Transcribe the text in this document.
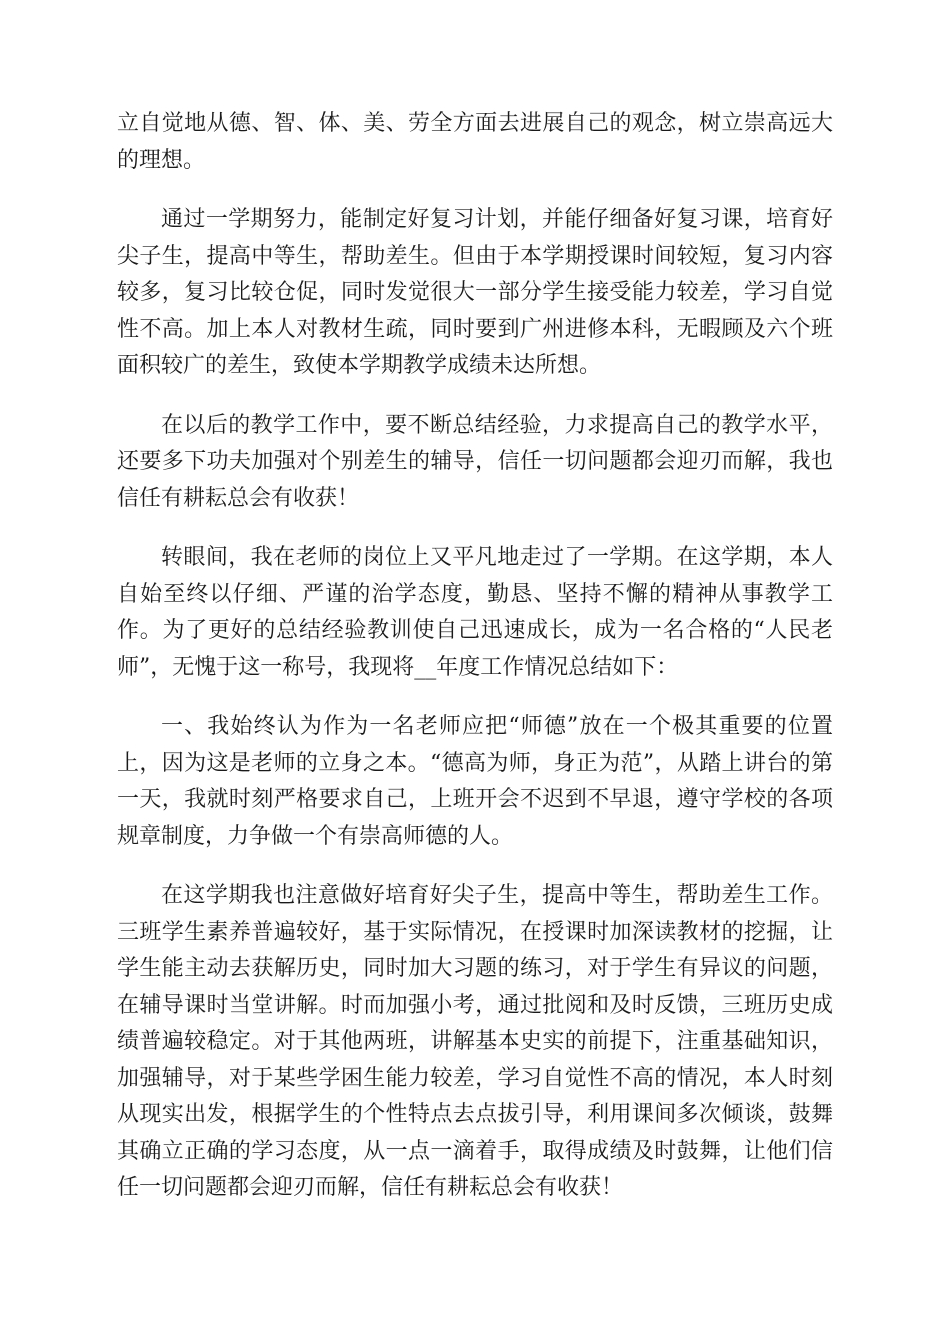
立自觉地从德、智、体、美、劳全方面去进展自己的观念，树立崇高远大的理想。

通过一学期努力，能制定好复习计划，并能仔细备好复习课，培育好尖子生，提高中等生，帮助差生。但由于本学期授课时间较短，复习内容较多，复习比较仓促，同时发觉很大一部分学生接受能力较差，学习自觉性不高。加上本人对教材生疏，同时要到广州进修本科，无暇顾及六个班面积较广的差生，致使本学期教学成绩未达所想。

在以后的教学工作中，要不断总结经验，力求提高自己的教学水平，还要多下功夫加强对个别差生的辅导，信任一切问题都会迎刃而解，我也信任有耕耘总会有收获！

转眼间，我在老师的岗位上又平凡地走过了一学期。在这学期，本人自始至终以仔细、严谨的治学态度，勤恳、坚持不懈的精神从事教学工作。为了更好的总结经验教训使自己迅速成长，成为一名合格的“人民老师”，无愧于这一称号，我现将__年度工作情况总结如下：

一、我始终认为作为一名老师应把“师德”放在一个极其重要的位置上，因为这是老师的立身之本。“德高为师，身正为范”，从踏上讲台的第一天，我就时刻严格要求自己，上班开会不迟到不早退，遵守学校的各项规章制度，力争做一个有崇高师德的人。

在这学期我也注意做好培育好尖子生，提高中等生，帮助差生工作。三班学生素养普遍较好，基于实际情况，在授课时加深读教材的挖掘，让学生能主动去获解历史，同时加大习题的练习，对于学生有异议的问题，在辅导课时当堂讲解。时而加强小考，通过批阅和及时反馈，三班历史成绩普遍较稳定。对于其他两班，讲解基本史实的前提下，注重基础知识，加强辅导，对于某些学困生能力较差，学习自觉性不高的情况，本人时刻从现实出发，根据学生的个性特点去点拔引导，利用课间多次倾谈，鼓舞其确立正确的学习态度，从一点一滴着手，取得成绩及时鼓舞，让他们信任一切问题都会迎刃而解，信任有耕耘总会有收获！
